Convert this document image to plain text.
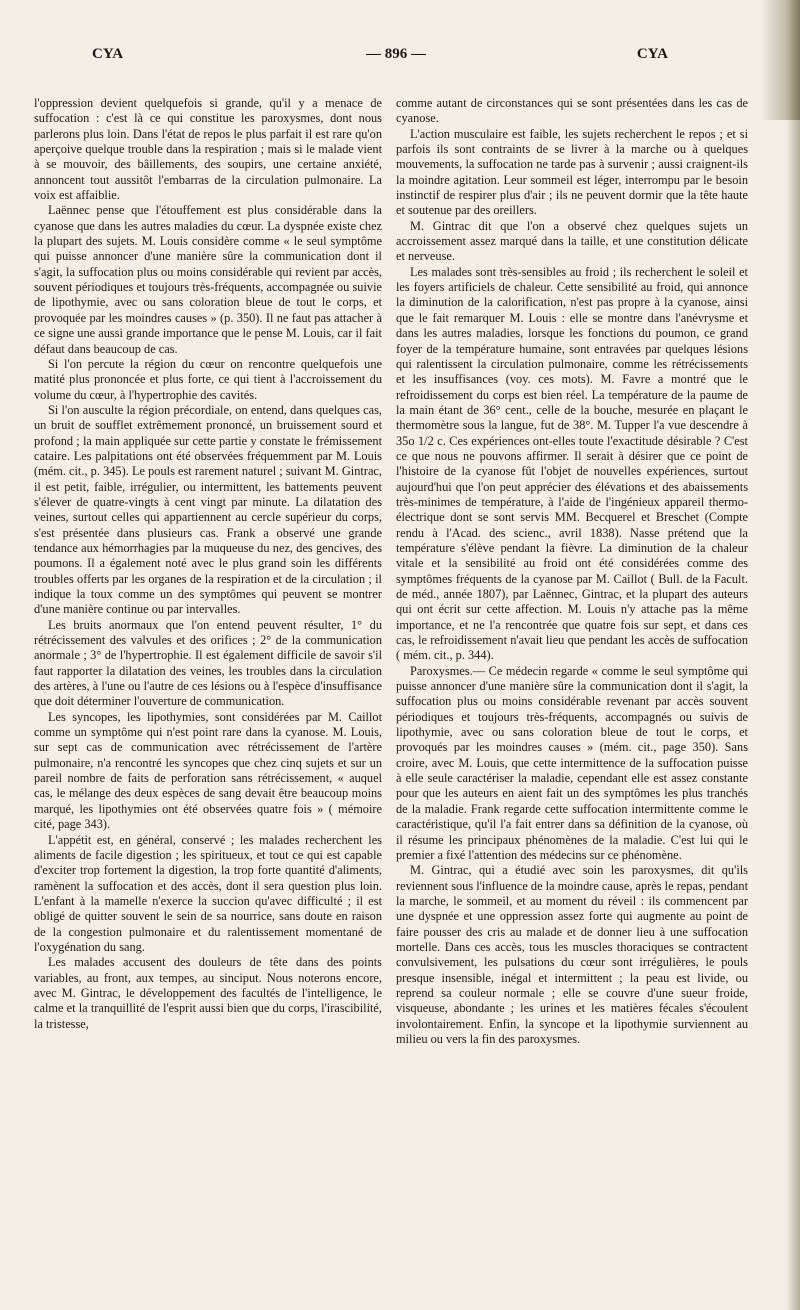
CYA	— 896 —	CYA

l'oppression devient quelquefois si grande, qu'il y a menace de suffocation : c'est là ce qui constitue les paroxysmes, dont nous parlerons plus loin. Dans l'état de repos le plus parfait il est rare qu'on aperçoive quelque trouble dans la respiration ; mais si le malade vient à se mouvoir, des bâillements, des soupirs, une certaine anxiété, annoncent tout aussitôt l'embarras de la circulation pulmonaire. La voix est affaiblie.

Laënnec pense que l'étouffement est plus considérable dans la cyanose que dans les autres maladies du cœur. La dyspnée existe chez la plupart des sujets. M. Louis considère comme « le seul symptôme qui puisse annoncer d'une manière sûre la communication dont il s'agit, la suffocation plus ou moins considérable qui revient par accès, souvent périodiques et toujours très-fréquents, accompagnée ou suivie de lipothymie, avec ou sans coloration bleue de tout le corps, et provoquée par les moindres causes » (p. 350). Il ne faut pas attacher à ce signe une aussi grande importance que le pense M. Louis, car il fait défaut dans beaucoup de cas.

Si l'on percute la région du cœur on rencontre quelquefois une matité plus prononcée et plus forte, ce qui tient à l'accroissement du volume du cœur, à l'hypertrophie des cavités.

Si l'on ausculte la région précordiale, on entend, dans quelques cas, un bruit de soufflet extrêmement prononcé, un bruissement sourd et profond ; la main appliquée sur cette partie y constate le frémissement cataire. Les palpitations ont été observées fréquemment par M. Louis (mém. cit., p. 345). Le pouls est rarement naturel ; suivant M. Gintrac, il est petit, faible, irrégulier, ou intermittent, les battements peuvent s'élever de quatre-vingts à cent vingt par minute. La dilatation des veines, surtout celles qui appartiennent au cercle supérieur du corps, s'est présentée dans plusieurs cas. Frank a observé une grande tendance aux hémorrhagies par la muqueuse du nez, des gencives, des poumons. Il a également noté avec le plus grand soin les différents troubles offerts par les organes de la respiration et de la circulation ; il indique la toux comme un des symptômes qui peuvent se montrer d'une manière continue ou par intervalles.

Les bruits anormaux que l'on entend peuvent résulter, 1° du rétrécissement des valvules et des orifices ; 2° de la communication anormale ; 3° de l'hypertrophie. Il est également difficile de savoir s'il faut rapporter la dilatation des veines, les troubles dans la circulation des artères, à l'une ou l'autre de ces lésions ou à l'espèce d'insuffisance que doit déterminer l'ouverture de communication.

Les syncopes, les lipothymies, sont considérées par M. Caillot comme un symptôme qui n'est point rare dans la cyanose. M. Louis, sur sept cas de communication avec rétrécissement de l'artère pulmonaire, n'a rencontré les syncopes que chez cinq sujets et sur un pareil nombre de faits de perforation sans rétrécissement, « auquel cas, le mélange des deux espèces de sang devait être beaucoup moins marqué, les lipothymies ont été observées quatre fois » ( mémoire cité, page 343).

L'appétit est, en général, conservé ; les malades recherchent les aliments de facile digestion ; les spiritueux, et tout ce qui est capable d'exciter trop fortement la digestion, la trop forte quantité d'aliments, ramènent la suffocation et des accès, dont il sera question plus loin. L'enfant à la mamelle n'exerce la succion qu'avec difficulté ; il est obligé de quitter souvent le sein de sa nourrice, sans doute en raison de la congestion pulmonaire et du ralentissement momentané de l'oxygénation du sang.

Les malades accusent des douleurs de tête dans des points variables, au front, aux tempes, au sinciput. Nous noterons encore, avec M. Gintrac, le développement des facultés de l'intelligence, le calme et la tranquillité de l'esprit aussi bien que du corps, l'irascibilité, la tristesse,

comme autant de circonstances qui se sont présentées dans les cas de cyanose.

L'action musculaire est faible, les sujets recherchent le repos ; et si parfois ils sont contraints de se livrer à la marche ou à quelques mouvements, la suffocation ne tarde pas à survenir ; aussi craignent-ils la moindre agitation. Leur sommeil est léger, interrompu par le besoin instinctif de respirer plus d'air ; ils ne peuvent dormir que la tête haute et soutenue par des oreillers.

M. Gintrac dit que l'on a observé chez quelques sujets un accroissement assez marqué dans la taille, et une constitution délicate et nerveuse.

Les malades sont très-sensibles au froid ; ils recherchent le soleil et les foyers artificiels de chaleur. Cette sensibilité au froid, qui annonce la diminution de la calorification, n'est pas propre à la cyanose, ainsi que le fait remarquer M. Louis : elle se montre dans l'anévrysme et dans les autres maladies, lorsque les fonctions du poumon, ce grand foyer de la température humaine, sont entravées par quelques lésions qui ralentissent la circulation pulmonaire, comme les rétrécissements et les insuffisances (voy. ces mots). M. Favre a montré que le refroidissement du corps est bien réel. La température de la paume de la main étant de 36° cent., celle de la bouche, mesurée en plaçant le thermomètre sous la langue, fut de 38°. M. Tupper l'a vue descendre à 35o 1/2 c. Ces expériences ont-elles toute l'exactitude désirable ? C'est ce que nous ne pouvons affirmer. Il serait à désirer que ce point de l'histoire de la cyanose fût l'objet de nouvelles expériences, surtout aujourd'hui que l'on peut apprécier des élévations et des abaissements très-minimes de température, à l'aide de l'ingénieux appareil thermo-électrique dont se sont servis MM. Becquerel et Breschet (Compte rendu à l'Acad. des scienc., avril 1838). Nasse prétend que la température s'élève pendant la fièvre. La diminution de la chaleur vitale et la sensibilité au froid ont été considérées comme des symptômes fréquents de la cyanose par M. Caillot ( Bull. de la Facult. de méd., année 1807), par Laënnec, Gintrac, et la plupart des auteurs qui ont écrit sur cette affection. M. Louis n'y attache pas la même importance, et ne l'a rencontrée que quatre fois sur sept, et dans ces cas, le refroidissement n'avait lieu que pendant les accès de suffocation ( mém. cit., p. 344).

Paroxysmes.— Ce médecin regarde « comme le seul symptôme qui puisse annoncer d'une manière sûre la communication dont il s'agit, la suffocation plus ou moins considérable revenant par accès souvent périodiques et toujours très-fréquents, accompagnés ou suivis de lipothymie, avec ou sans coloration bleue de tout le corps, et provoqués par les moindres causes » (mém. cit., page 350). Sans croire, avec M. Louis, que cette intermittence de la suffocation puisse à elle seule caractériser la maladie, cependant elle est assez constante pour que les auteurs en aient fait un des symptômes les plus tranchés de la maladie. Frank regarde cette suffocation intermittente comme le caractéristique, qu'il l'a fait entrer dans sa définition de la cyanose, où il résume les principaux phénomènes de la maladie. C'est lui qui le premier a fixé l'attention des médecins sur ce phénomène.

M. Gintrac, qui a étudié avec soin les paroxysmes, dit qu'ils reviennent sous l'influence de la moindre cause, après le repas, pendant la marche, le sommeil, et au moment du réveil : ils commencent par une dyspnée et une oppression assez forte qui augmente au point de faire pousser des cris au malade et de donner lieu à une suffocation mortelle. Dans ces accès, tous les muscles thoraciques se contractent convulsivement, les pulsations du cœur sont irrégulières, le pouls presque insensible, inégal et intermittent ; la peau est livide, ou reprend sa couleur normale ; elle se couvre d'une sueur froide, visqueuse, abondante ; les urines et les matières fécales s'écoulent involontairement. Enfin, la syncope et la lipothymie surviennent au milieu ou vers la fin des paroxysmes.
